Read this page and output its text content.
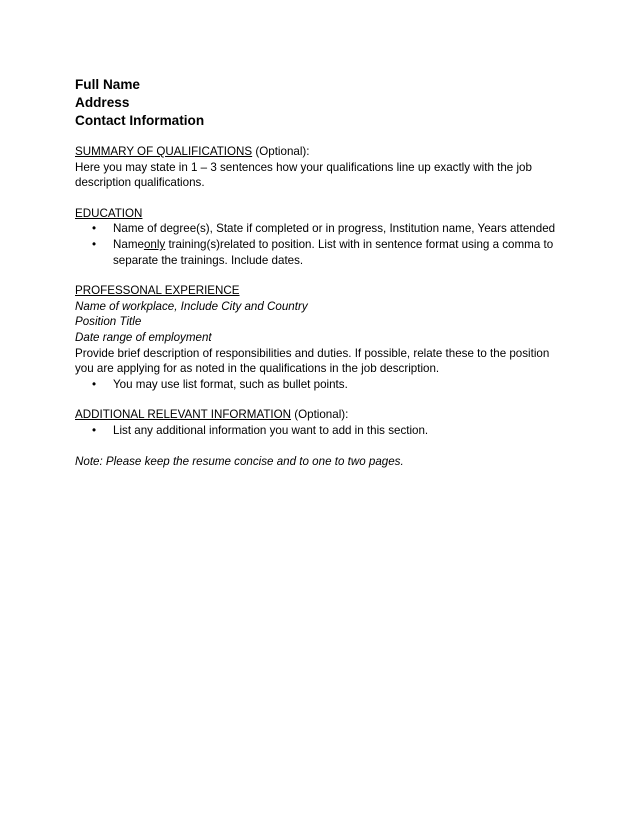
Full Name
Address
Contact Information

SUMMARY OF QUALIFICATIONS (Optional):

Here you may state in 1 – 3 sentences how your qualifications line up exactly with the job description qualifications.

EDUCATION

• Name of degree(s), State if completed or in progress, Institution name, Years attended
• Nameonly training(s)related to position. List with in sentence format using a comma to separate the trainings. Include dates.

PROFESSONAL EXPERIENCE

Name of workplace, Include City and Country

Position Title

Date range of employment

Provide brief description of responsibilities and duties. If possible, relate these to the position you are applying for as noted in the qualifications in the job description.

• You may use list format, such as bullet points.

ADDITIONAL RELEVANT INFORMATION (Optional):

• List any additional information you want to add in this section.

Note: Please keep the resume concise and to one to two pages.
